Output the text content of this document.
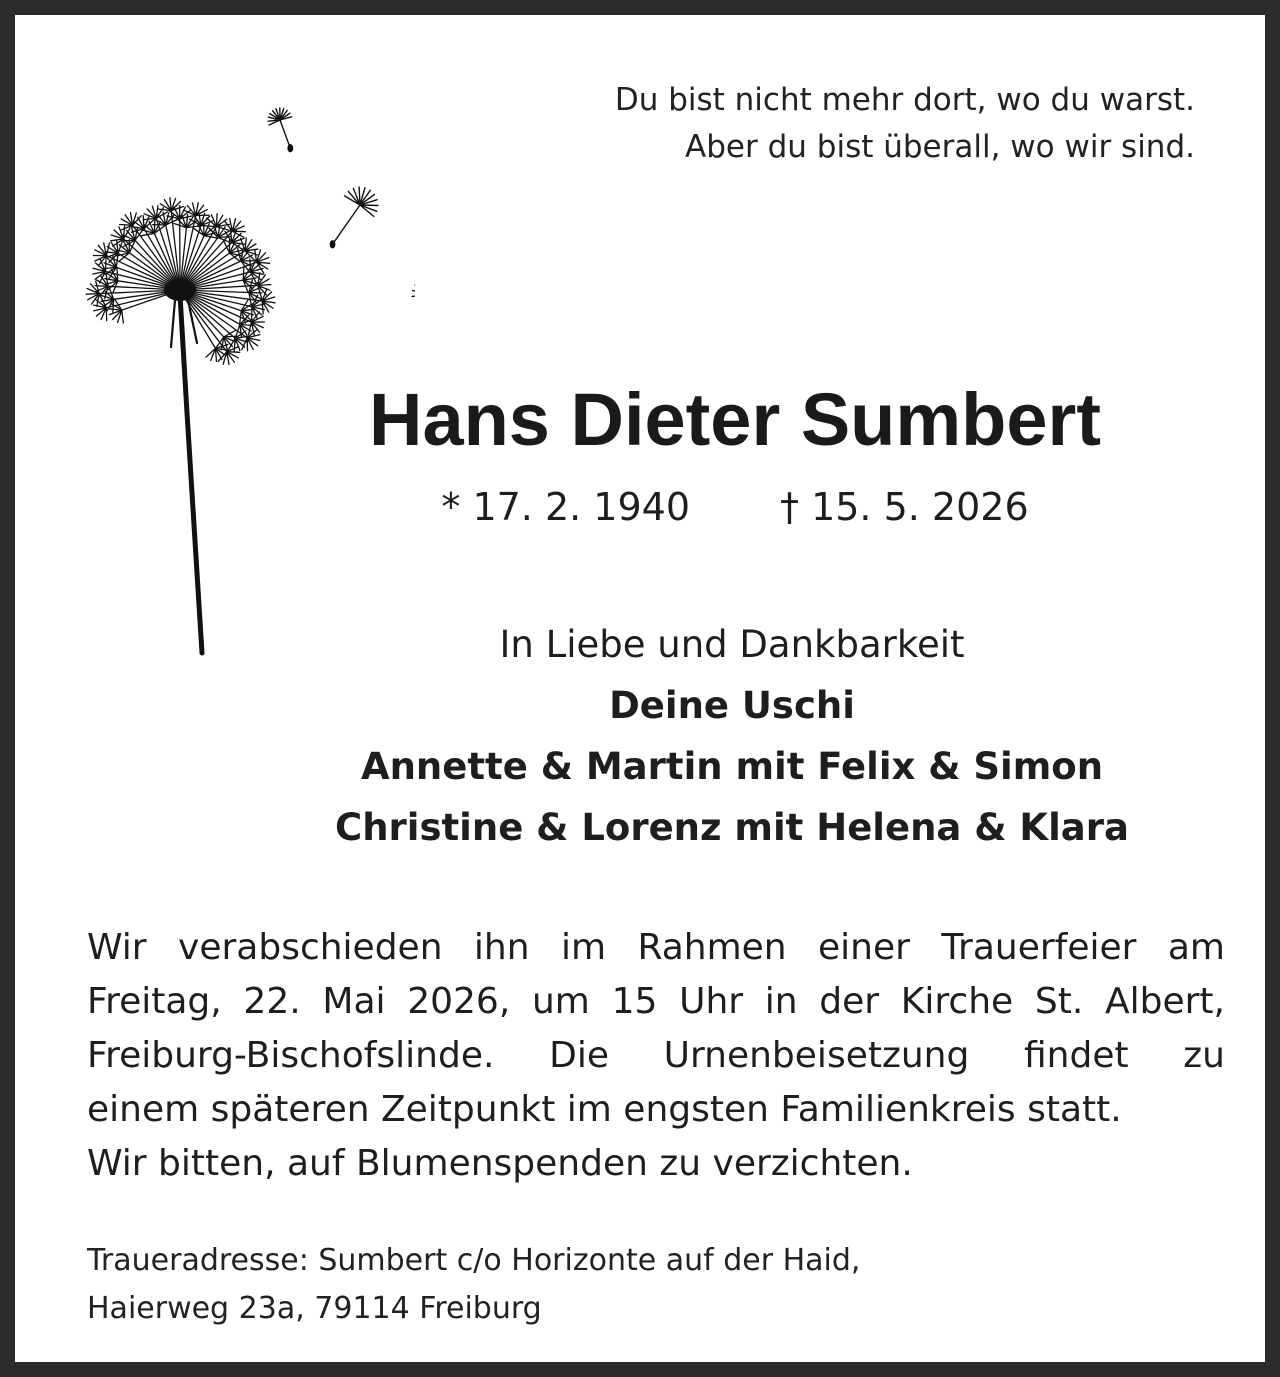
Du bist nicht mehr dort, wo du warst.
Aber du bist überall, wo wir sind.
Hans Dieter Sumbert
* 17. 2. 1940 † 15. 5. 2026
In Liebe und Dankbarkeit
Deine Uschi
Annette & Martin mit Felix & Simon
Christine & Lorenz mit Helena & Klara
Wir verabschieden ihn im Rahmen einer Trauerfeier am
Freitag, 22. Mai 2026, um 15 Uhr in der Kirche St. Albert,
Freiburg-Bischofslinde. Die Urnenbeisetzung findet zu
einem späteren Zeitpunkt im engsten Familienkreis statt.
Wir bitten, auf Blumenspenden zu verzichten.
Traueradresse: Sumbert c/o Horizonte auf der Haid,
Haierweg 23a, 79114 Freiburg
